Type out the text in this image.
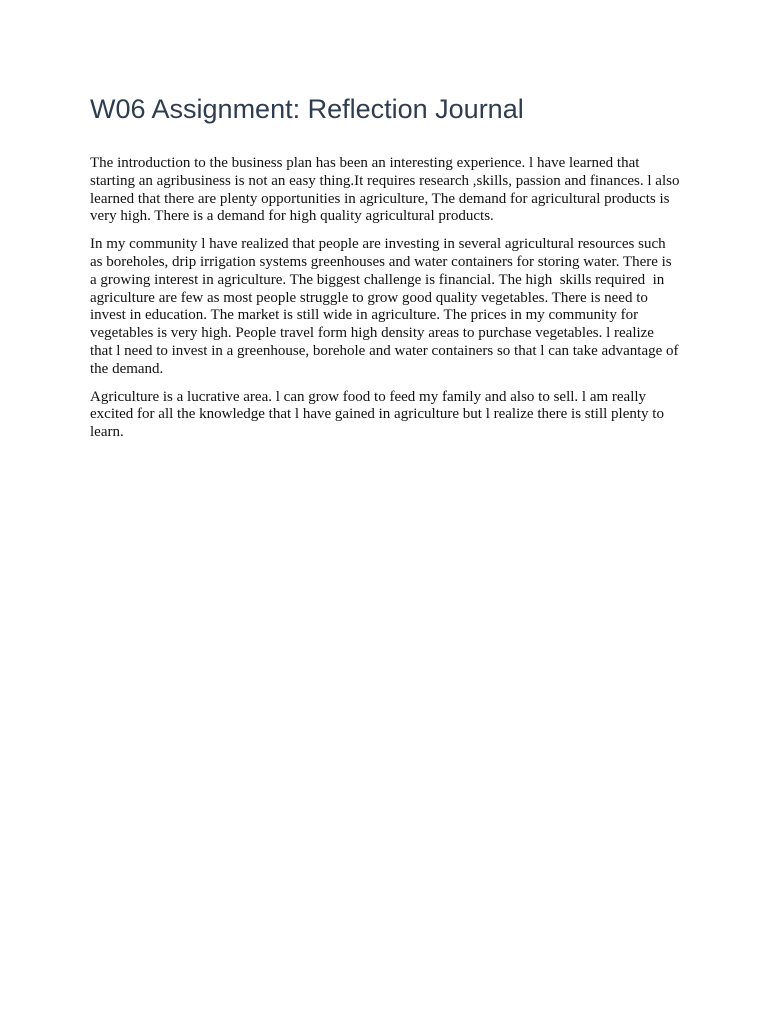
W06 Assignment: Reflection Journal

The introduction to the business plan has been an interesting experience. l have learned that starting an agribusiness is not an easy thing.It requires research ,skills, passion and finances. l also learned that there are plenty opportunities in agriculture, The demand for agricultural products is very high. There is a demand for high quality agricultural products.

In my community l have realized that people are investing in several agricultural resources such as boreholes, drip irrigation systems greenhouses and water containers for storing water. There is a growing interest in agriculture. The biggest challenge is financial. The high  skills required  in agriculture are few as most people struggle to grow good quality vegetables. There is need to invest in education. The market is still wide in agriculture. The prices in my community for vegetables is very high. People travel form high density areas to purchase vegetables. l realize that l need to invest in a greenhouse, borehole and water containers so that l can take advantage of the demand.

Agriculture is a lucrative area. l can grow food to feed my family and also to sell. l am really excited for all the knowledge that l have gained in agriculture but l realize there is still plenty to learn.
